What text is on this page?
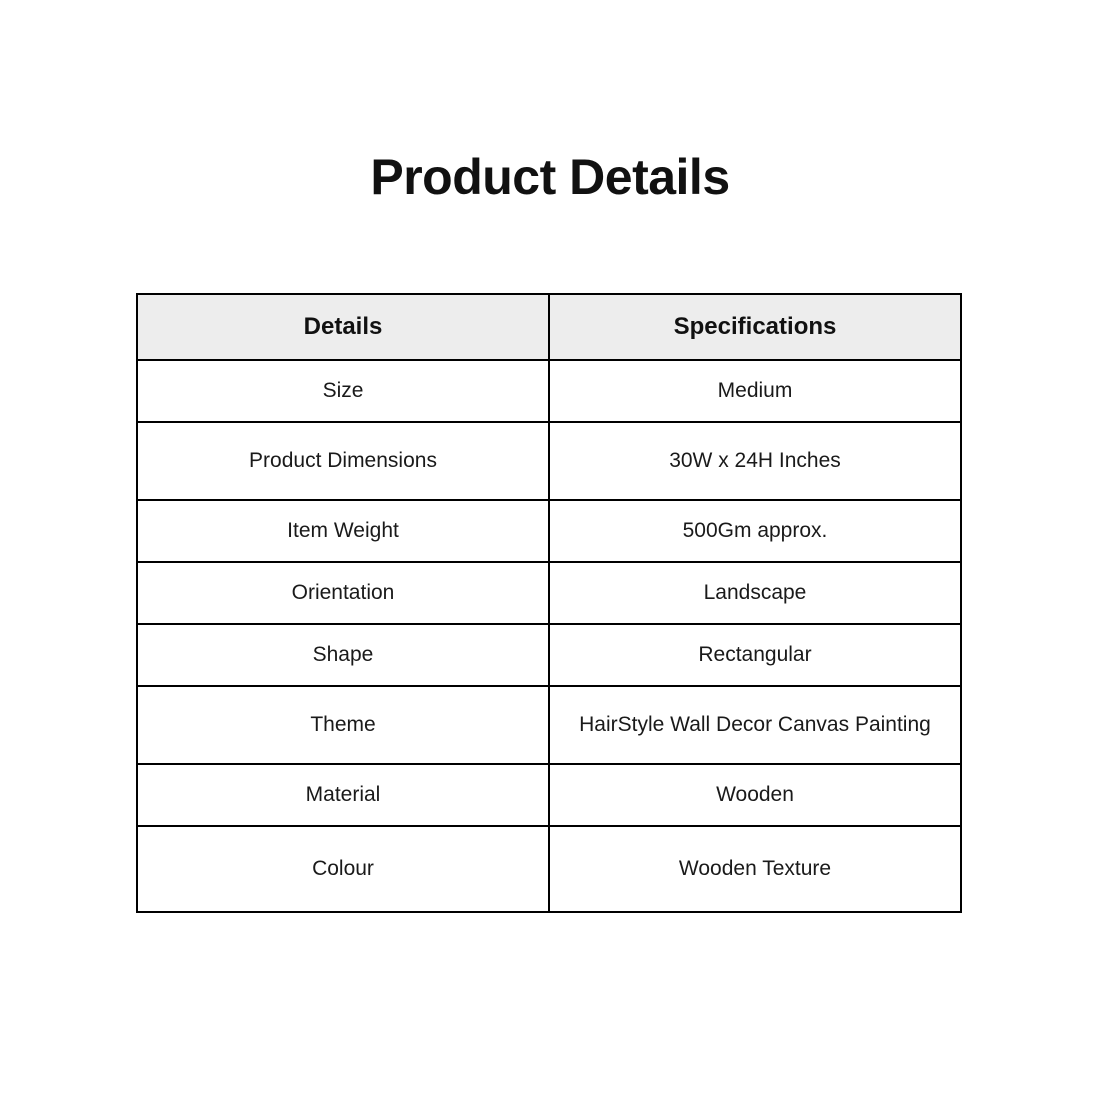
Product Details
Details	Specifications
Size	Medium
Product Dimensions	30W x 24H Inches
Item Weight	500Gm approx.
Orientation	Landscape
Shape	Rectangular
Theme	HairStyle Wall Decor Canvas Painting
Material	Wooden
Colour	Wooden Texture
